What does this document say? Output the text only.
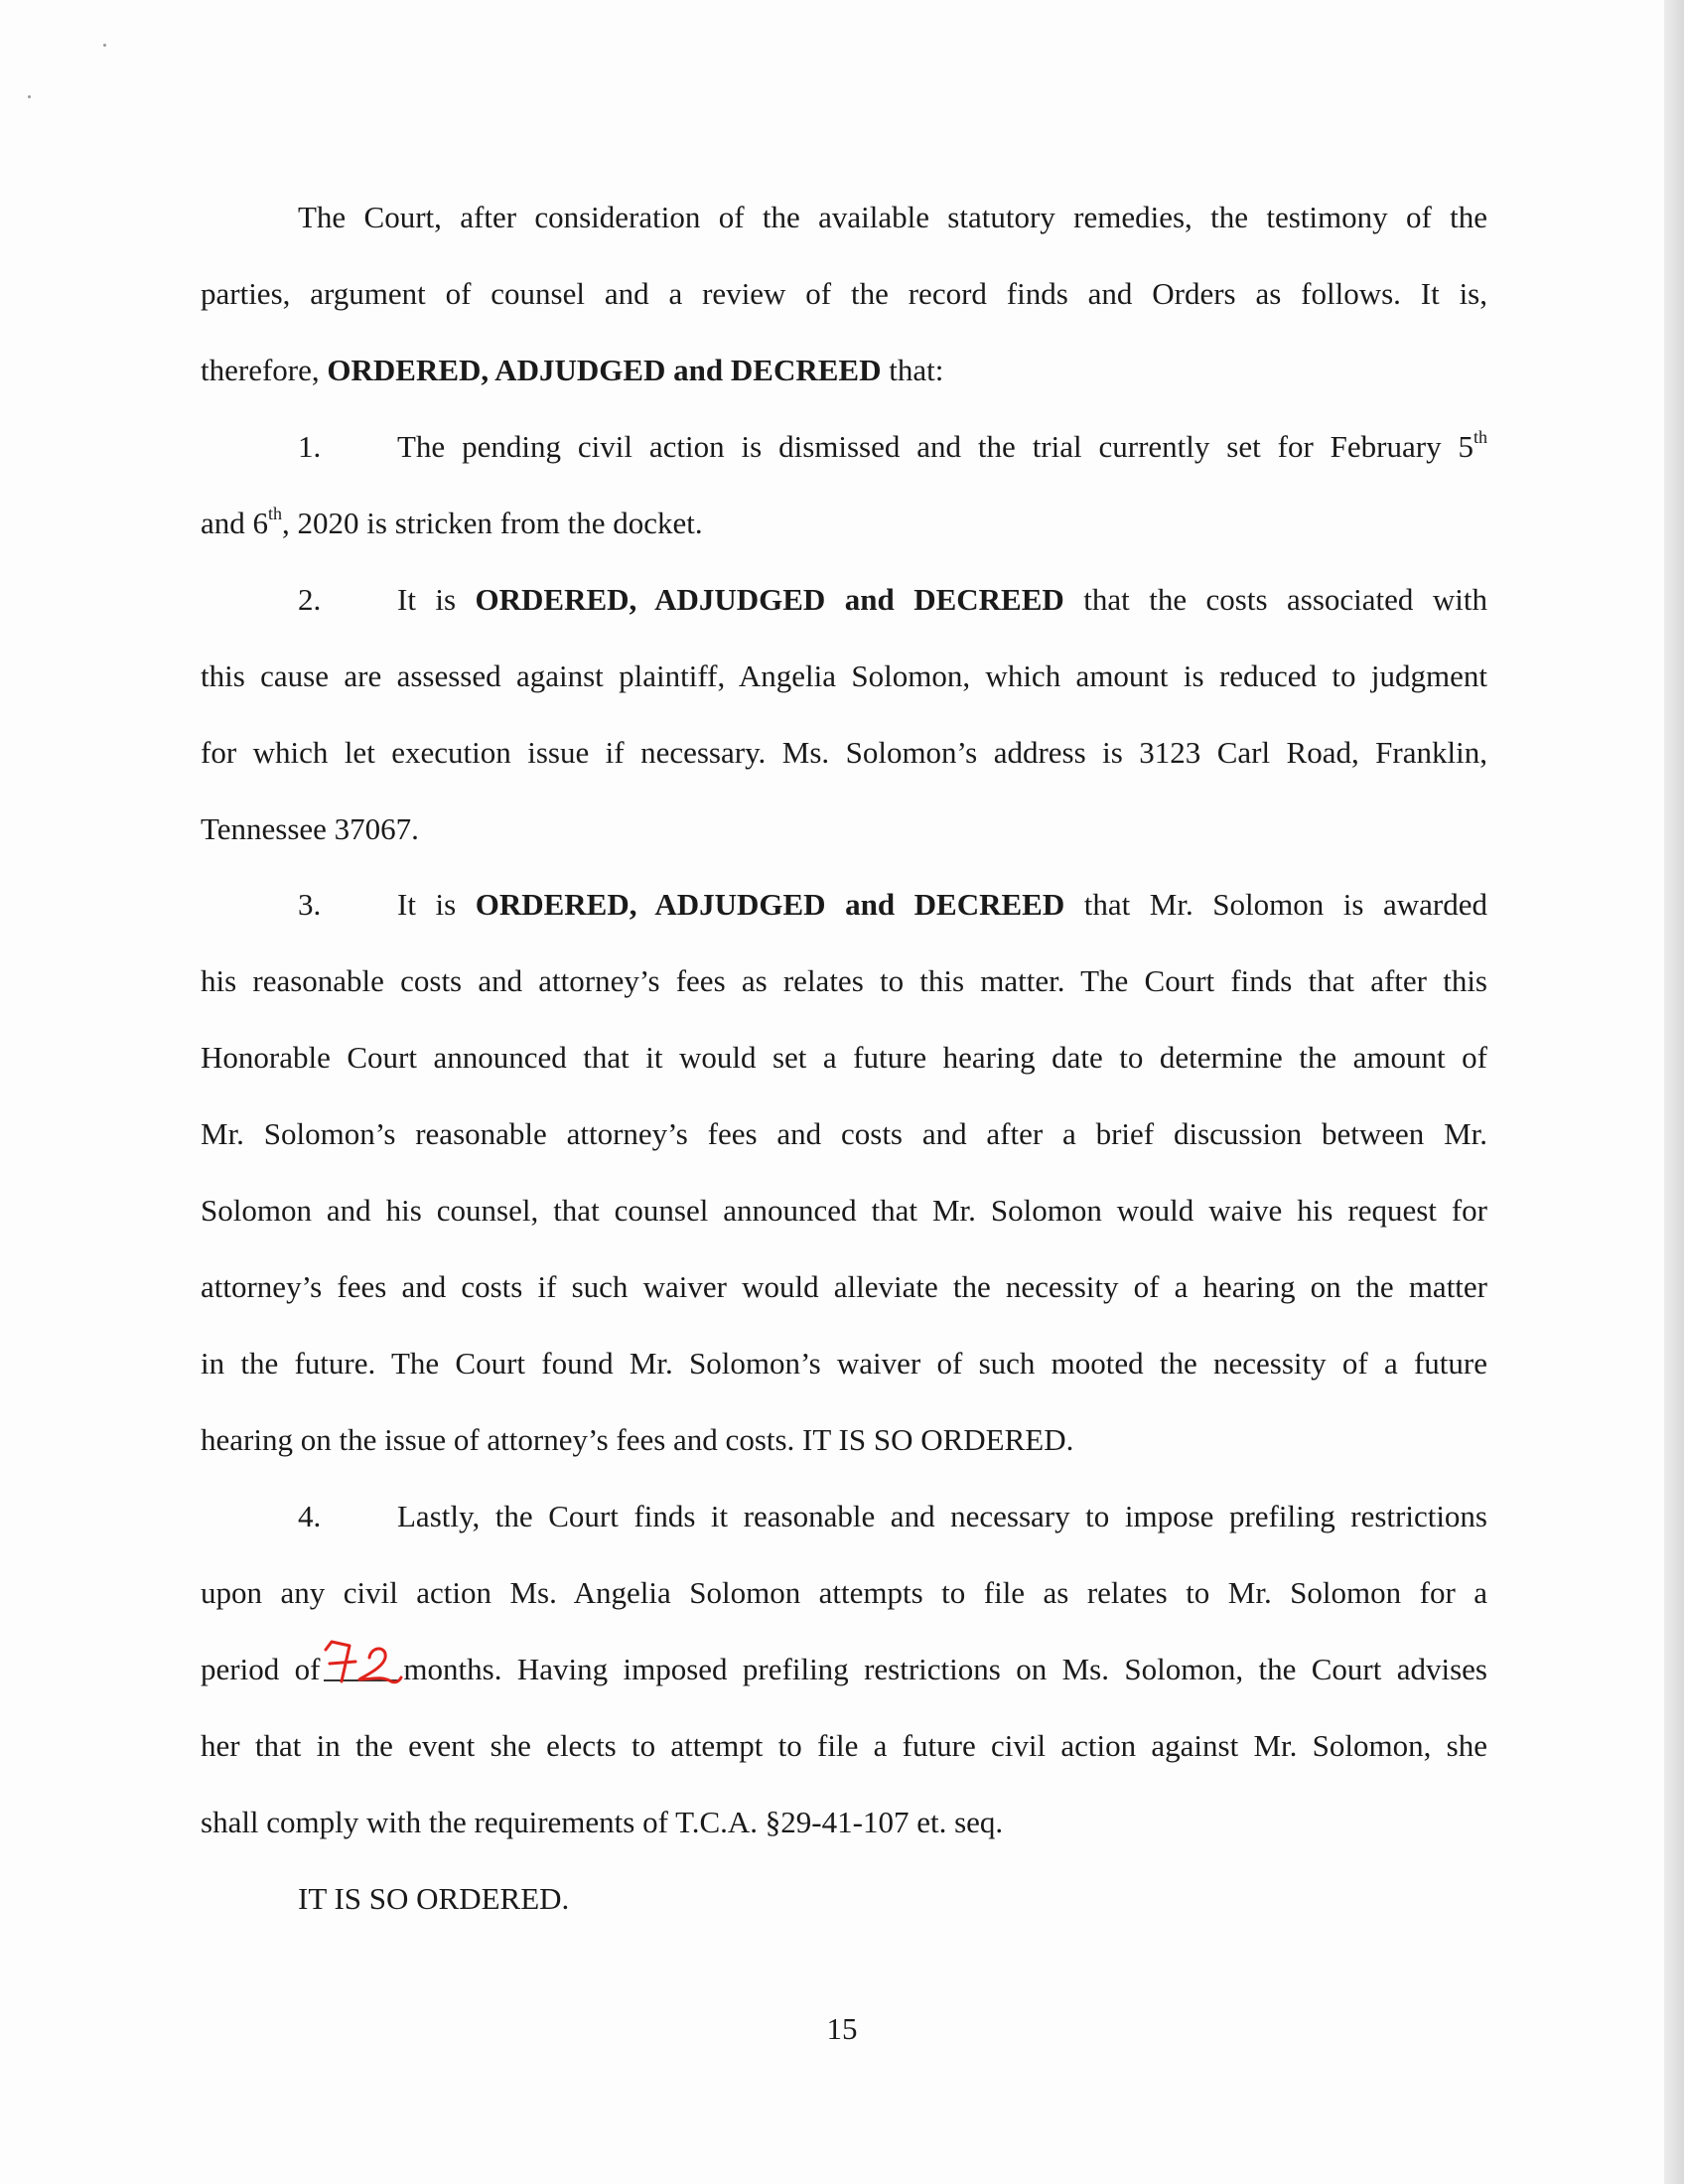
The Court, after consideration of the available statutory remedies, the testimony of the
parties, argument of counsel and a review of the record finds and Orders as follows. It is,
therefore, ORDERED, ADJUDGED and DECREED that:
1. The pending civil action is dismissed and the trial currently set for February 5th
and 6th, 2020 is stricken from the docket.
2. It is ORDERED, ADJUDGED and DECREED that the costs associated with
this cause are assessed against plaintiff, Angelia Solomon, which amount is reduced to judgment
for which let execution issue if necessary. Ms. Solomon’s address is 3123 Carl Road, Franklin,
Tennessee 37067.
3. It is ORDERED, ADJUDGED and DECREED that Mr. Solomon is awarded
his reasonable costs and attorney’s fees as relates to this matter. The Court finds that after this
Honorable Court announced that it would set a future hearing date to determine the amount of
Mr. Solomon’s reasonable attorney’s fees and costs and after a brief discussion between Mr.
Solomon and his counsel, that counsel announced that Mr. Solomon would waive his request for
attorney’s fees and costs if such waiver would alleviate the necessity of a hearing on the matter
in the future. The Court found Mr. Solomon’s waiver of such mooted the necessity of a future
hearing on the issue of attorney’s fees and costs. IT IS SO ORDERED.
4. Lastly, the Court finds it reasonable and necessary to impose prefiling restrictions
upon any civil action Ms. Angelia Solomon attempts to file as relates to Mr. Solomon for a
period of	months. Having imposed prefiling restrictions on Ms. Solomon, the Court advises
her that in the event she elects to attempt to file a future civil action against Mr. Solomon, she
shall comply with the requirements of T.C.A. §29-41-107 et. seq.
IT IS SO ORDERED.
15
